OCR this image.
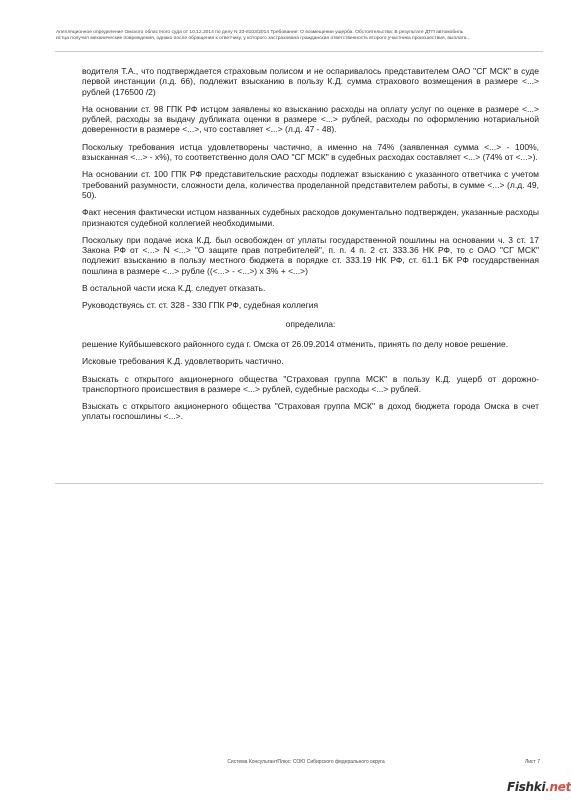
Апелляционное определение Омского областного суда от 10.12.2014 по делу N 33-8103/2014 Требование: О возмещении ущерба. Обстоятельства: В результате ДТП автомобиль
истца получил механические повреждения, однако после обращения к ответчику, у которого застрахована гражданская ответственность второго участника происшествия, выплата...

водителя Т.А., что подтверждается страховым полисом и не оспаривалось представителем ОАО "СГ МСК" в суде первой инстанции (л.д. 66), подлежит взысканию в пользу К.Д. сумма страхового возмещения в размере <...> рублей (176500 /2)

На основании ст. 98 ГПК РФ истцом заявлены ко взысканию расходы на оплату услуг по оценке в размере <...> рублей, расходы за выдачу дубликата оценки в размере <...> рублей, расходы по оформлению нотариальной доверенности в размере <...>, что составляет <...> (л.д. 47 - 48).

Поскольку требования истца удовлетворены частично, а именно на 74% (заявленная сумма <...> - 100%, взысканная <...> - х%), то соответственно доля ОАО "СГ МСК" в судебных расходах составляет <...> (74% от <...>).

На основании ст. 100 ГПК РФ представительские расходы подлежат взысканию с указанного ответчика с учетом требований разумности, сложности дела, количества проделанной представителем работы, в сумме <...> (л.д. 49, 50).

Факт несения фактически истцом названных судебных расходов документально подтвержден, указанные расходы признаются судебной коллегией необходимыми.

Поскольку при подаче иска К.Д. был освобожден от уплаты государственной пошлины на основании ч. 3 ст. 17 Закона РФ от <...> N <...> "О защите прав потребителей", п. п. 4 п. 2 ст. 333.36 НК РФ, то с ОАО "СГ МСК" подлежит взысканию в пользу местного бюджета в порядке ст. 333.19 НК РФ, ст. 61.1 БК РФ государственная пошлина в размере <...> рубле ((<...> - <...>) x 3% + <...>)

В остальной части иска К.Д. следует отказать.

Руководствуясь ст. ст. 328 - 330 ГПК РФ, судебная коллегия

определила:

решение Куйбышевского районного суда г. Омска от 26.09.2014 отменить, принять по делу новое решение.

Исковые требования К.Д. удовлетворить частично.

Взыскать с открытого акционерного общества "Страховая группа МСК" в пользу К.Д. ущерб от дорожно-транспортного происшествия в размере <...> рублей, судебные расходы <...> рублей.

Взыскать с открытого акционерного общества "Страховая группа МСК" в доход бюджета города Омска в счет уплаты госпошлины <...>.

Система КонсультантПлюс: СОЮ Сибирского федерального округа	Лист 7
Fishki.net
